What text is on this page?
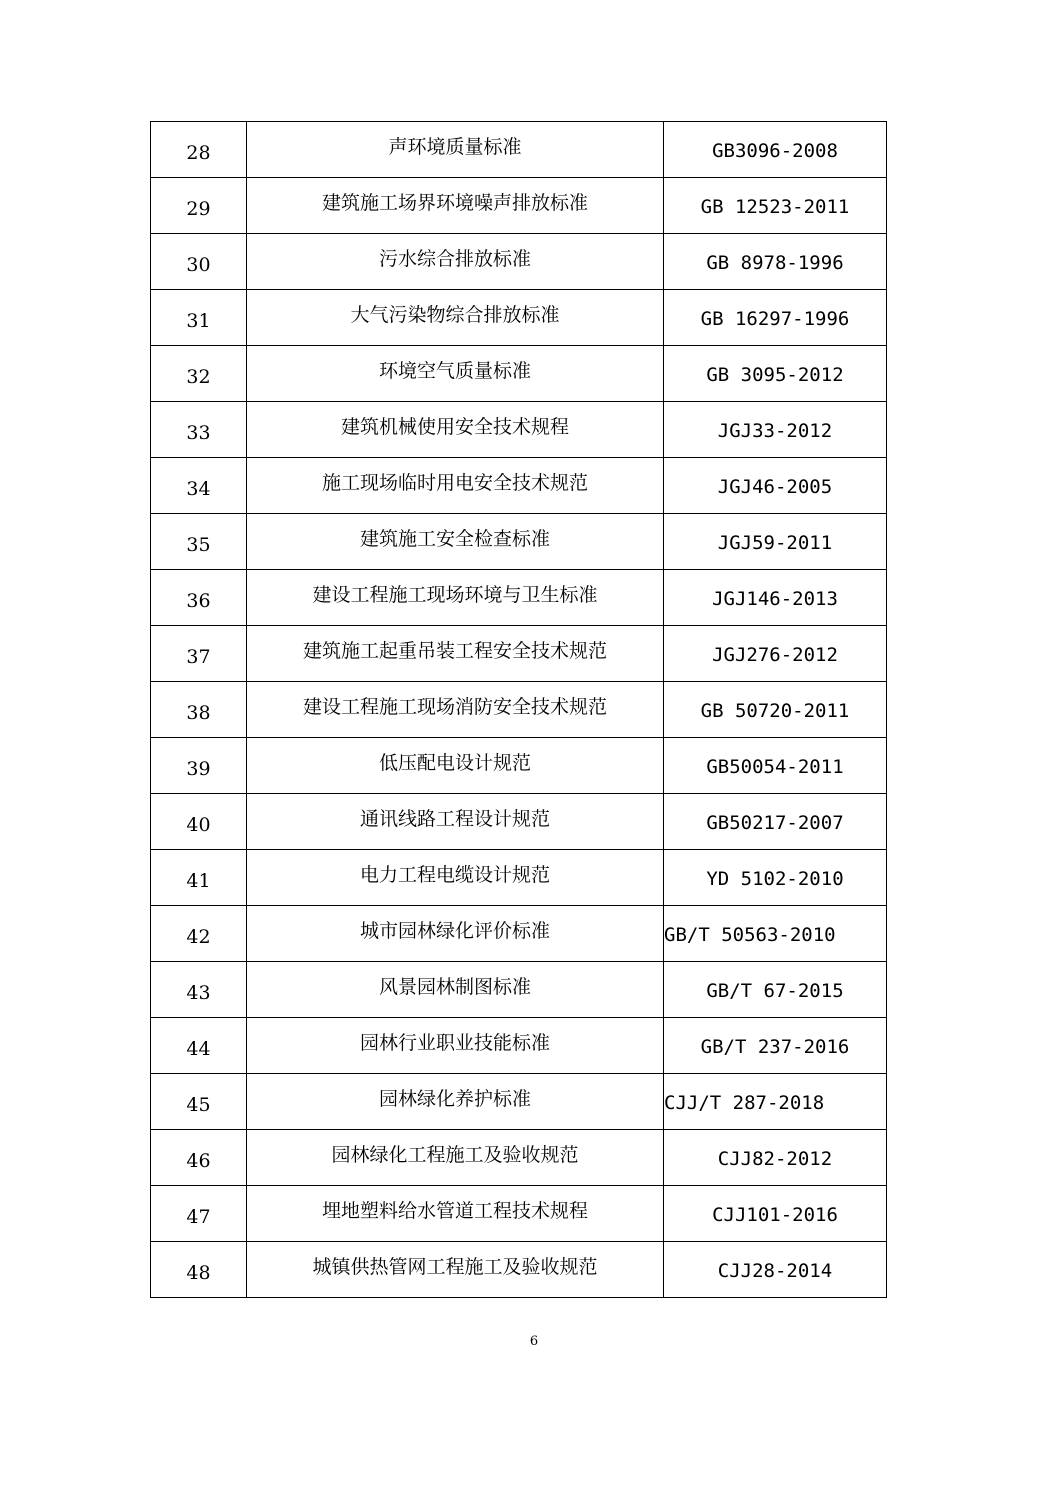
28	声环境质量标准	GB3096-2008
29	建筑施工场界环境噪声排放标准	GB 12523-2011
30	污水综合排放标准	GB 8978-1996
31	大气污染物综合排放标准	GB 16297-1996
32	环境空气质量标准	GB 3095-2012
33	建筑机械使用安全技术规程	JGJ33-2012
34	施工现场临时用电安全技术规范	JGJ46-2005
35	建筑施工安全检查标准	JGJ59-2011
36	建设工程施工现场环境与卫生标准	JGJ146-2013
37	建筑施工起重吊装工程安全技术规范	JGJ276-2012
38	建设工程施工现场消防安全技术规范	GB 50720-2011
39	低压配电设计规范	GB50054-2011
40	通讯线路工程设计规范	GB50217-2007
41	电力工程电缆设计规范	YD 5102-2010
42	城市园林绿化评价标准	GB/T 50563-2010
43	风景园林制图标准	GB/T 67-2015
44	园林行业职业技能标准	GB/T 237-2016
45	园林绿化养护标准	CJJ/T 287-2018
46	园林绿化工程施工及验收规范	CJJ82-2012
47	埋地塑料给水管道工程技术规程	CJJ101-2016
48	城镇供热管网工程施工及验收规范	CJJ28-2014
6
